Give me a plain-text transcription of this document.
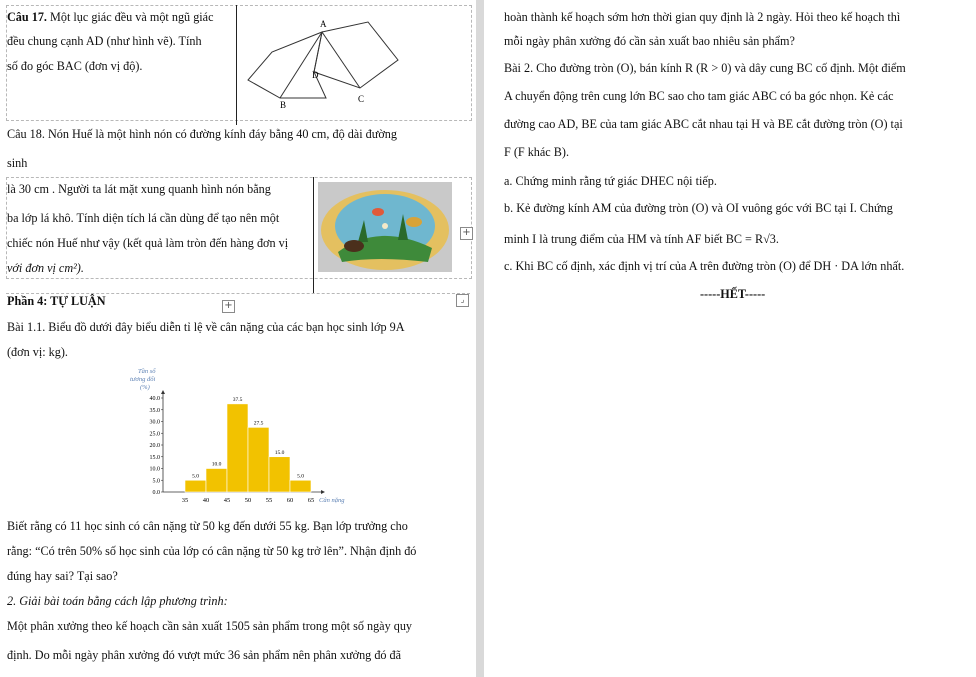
Câu 17. Một lục giác đều và một ngũ giác
đều chung cạnh AD (như hình vẽ). Tính
số đo góc BAC (đơn vị độ).
A
D
B
C
Câu 18. Nón Huế là một hình nón có đường kính đáy bằng 40 cm, độ dài đường
sinh
là 30 cm . Người ta lát mặt xung quanh hình nón bằng
ba lớp lá khô. Tính diện tích lá cần dùng để tạo nên một
chiếc nón Huế như vậy (kết quả làm tròn đến hàng đơn vị
với đơn vị cm²).
+
Phần 4: TỰ LUẬN	+
⌟
Bài 1.1. Biểu đồ dưới đây biểu diễn tỉ lệ về cân nặng của các bạn học sinh lớp 9A
(đơn vị: kg).
Tần số
tương đối
(%)
0.0
5.0
10.0
15.0
20.0
25.0
30.0
35.0
40.0
35 40 45 50 55 60 65 Cân nặng
5.0
10.0
37.5
27.5
15.0
5.0
Biết rằng có 11 học sinh có cân nặng từ 50 kg đến dưới 55 kg. Bạn lớp trưởng cho
rằng: “Có trên 50% số học sinh của lớp có cân nặng từ 50 kg trở lên”. Nhận định đó
đúng hay sai? Tại sao?
2. Giải bài toán bằng cách lập phương trình:
Một phân xưởng theo kế hoạch cần sản xuất 1505 sản phẩm trong một số ngày quy
định. Do mỗi ngày phân xưởng đó vượt mức 36 sản phẩm nên phân xưởng đó đã
hoàn thành kế hoạch sớm hơn thời gian quy định là 2 ngày. Hỏi theo kế hoạch thì
mỗi ngày phân xưởng đó cần sản xuất bao nhiêu sản phẩm?
Bài 2. Cho đường tròn (O), bán kính R (R > 0) và dây cung BC cố định. Một điểm
A chuyển động trên cung lớn BC sao cho tam giác ABC có ba góc nhọn. Kẻ các
đường cao AD, BE của tam giác ABC cắt nhau tại H và BE cắt đường tròn (O) tại
F (F khác B).
a. Chứng minh rằng tứ giác DHEC nội tiếp.
b. Kẻ đường kính AM của đường tròn (O) và OI vuông góc với BC tại I. Chứng
minh I là trung điểm của HM và tính AF biết BC = R√3.
c. Khi BC cố định, xác định vị trí của A trên đường tròn (O) để DH · DA lớn nhất.
-----HẾT-----
